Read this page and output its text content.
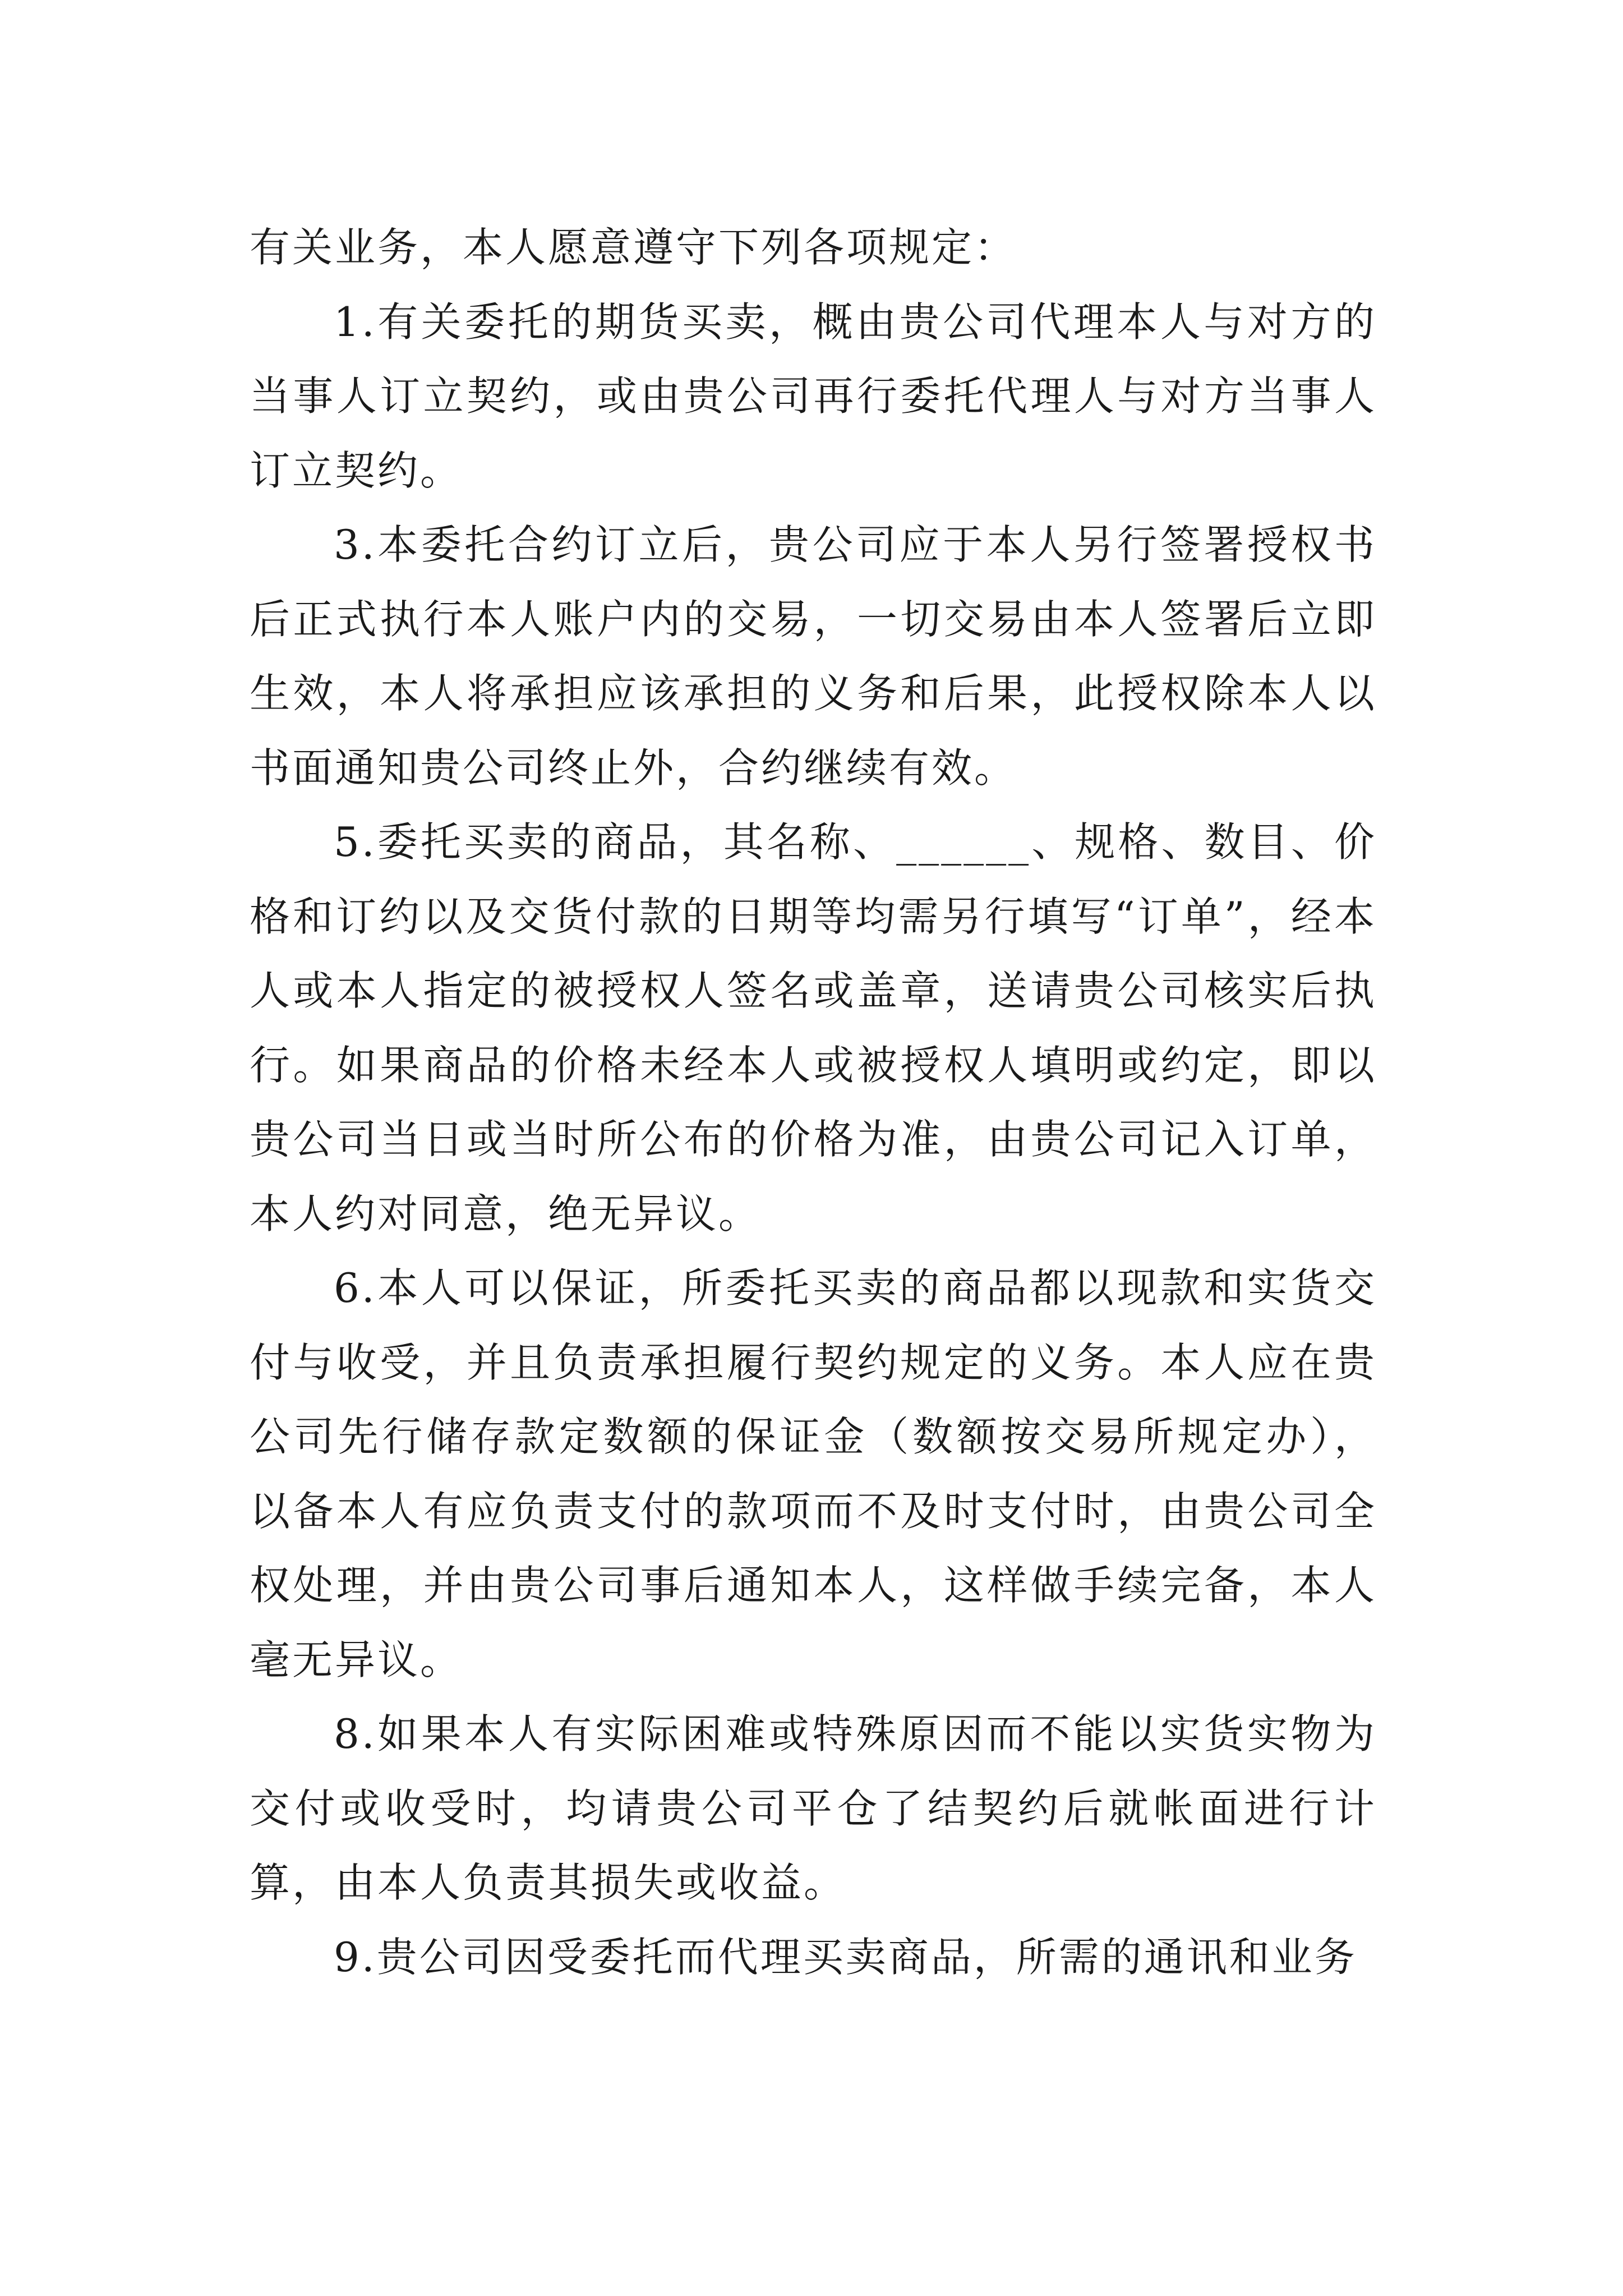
有关业务，本人愿意遵守下列各项规定：

1.有关委托的期货买卖，概由贵公司代理本人与对方的当事人订立契约，或由贵公司再行委托代理人与对方当事人订立契约。

3.本委托合约订立后，贵公司应于本人另行签署授权书后正式执行本人账户内的交易，一切交易由本人签署后立即生效，本人将承担应该承担的义务和后果，此授权除本人以书面通知贵公司终止外，合约继续有效。

5.委托买卖的商品，其名称、______、规格、数目、价格和订约以及交货付款的日期等均需另行填写“订单”，经本人或本人指定的被授权人签名或盖章，送请贵公司核实后执行。如果商品的价格未经本人或被授权人填明或约定，即以贵公司当日或当时所公布的价格为准，由贵公司记入订单，本人约对同意，绝无异议。

6.本人可以保证，所委托买卖的商品都以现款和实货交付与收受，并且负责承担履行契约规定的义务。本人应在贵公司先行储存款定数额的保证金（数额按交易所规定办），以备本人有应负责支付的款项而不及时支付时，由贵公司全权处理，并由贵公司事后通知本人，这样做手续完备，本人毫无异议。

8.如果本人有实际困难或特殊原因而不能以实货实物为交付或收受时，均请贵公司平仓了结契约后就帐面进行计算，由本人负责其损失或收益。

9.贵公司因受委托而代理买卖商品，所需的通讯和业务
